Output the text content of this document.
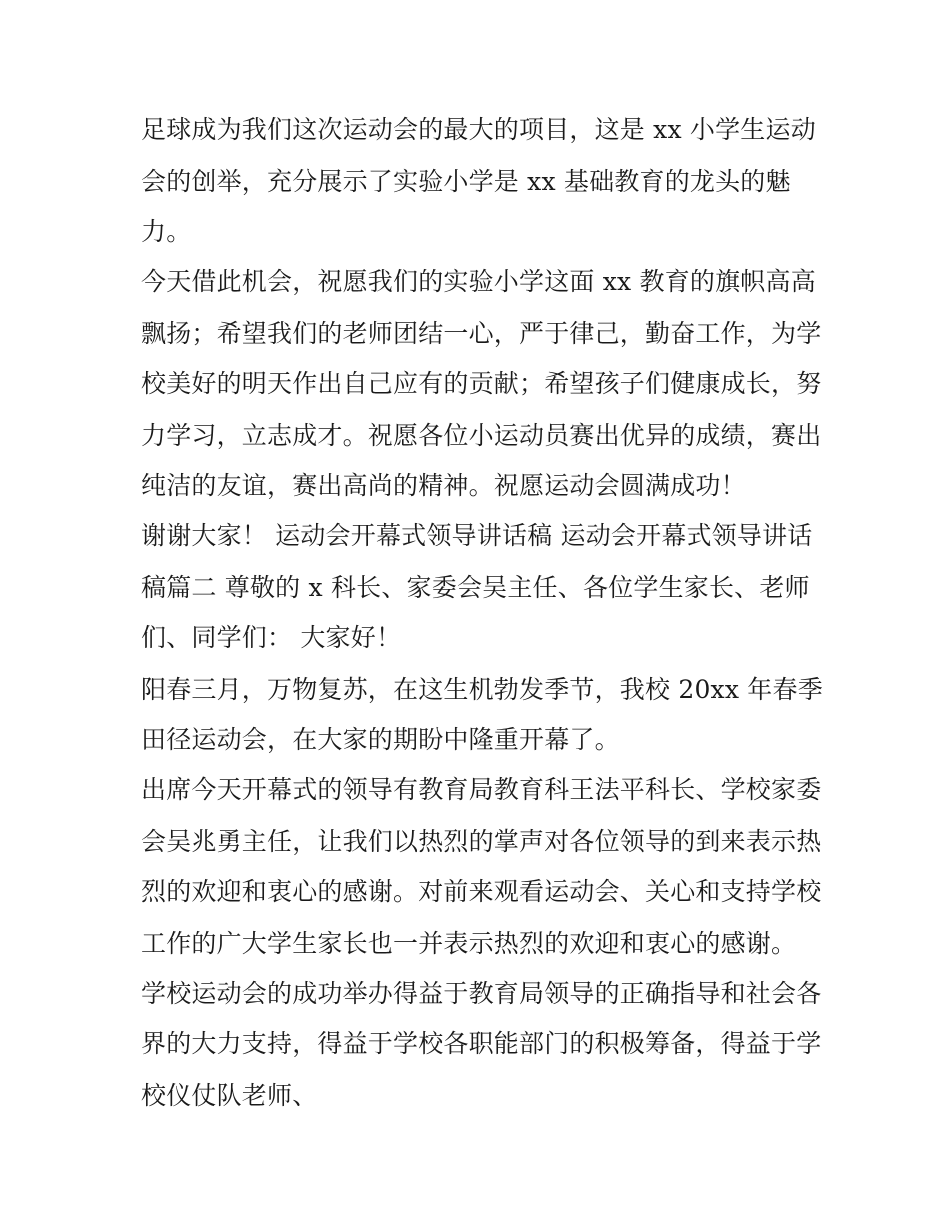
足球成为我们这次运动会的最大的项目，这是 xx 小学生运动
会的创举，充分展示了实验小学是 xx 基础教育的龙头的魅
力。
今天借此机会，祝愿我们的实验小学这面 xx 教育的旗帜高高
飘扬；希望我们的老师团结一心，严于律己，勤奋工作，为学
校美好的明天作出自己应有的贡献；希望孩子们健康成长，努
力学习，立志成才。祝愿各位小运动员赛出优异的成绩，赛出
纯洁的友谊，赛出高尚的精神。祝愿运动会圆满成功！
谢谢大家！ 运动会开幕式领导讲话稿 运动会开幕式领导讲话
稿篇二 尊敬的 x 科长、家委会吴主任、各位学生家长、老师
们、同学们： 大家好！
阳春三月，万物复苏，在这生机勃发季节，我校 20xx 年春季
田径运动会，在大家的期盼中隆重开幕了。
出席今天开幕式的领导有教育局教育科王法平科长、学校家委
会吴兆勇主任，让我们以热烈的掌声对各位领导的到来表示热
烈的欢迎和衷心的感谢。对前来观看运动会、关心和支持学校
工作的广大学生家长也一并表示热烈的欢迎和衷心的感谢。
学校运动会的成功举办得益于教育局领导的正确指导和社会各
界的大力支持，得益于学校各职能部门的积极筹备，得益于学
校仪仗队老师、
